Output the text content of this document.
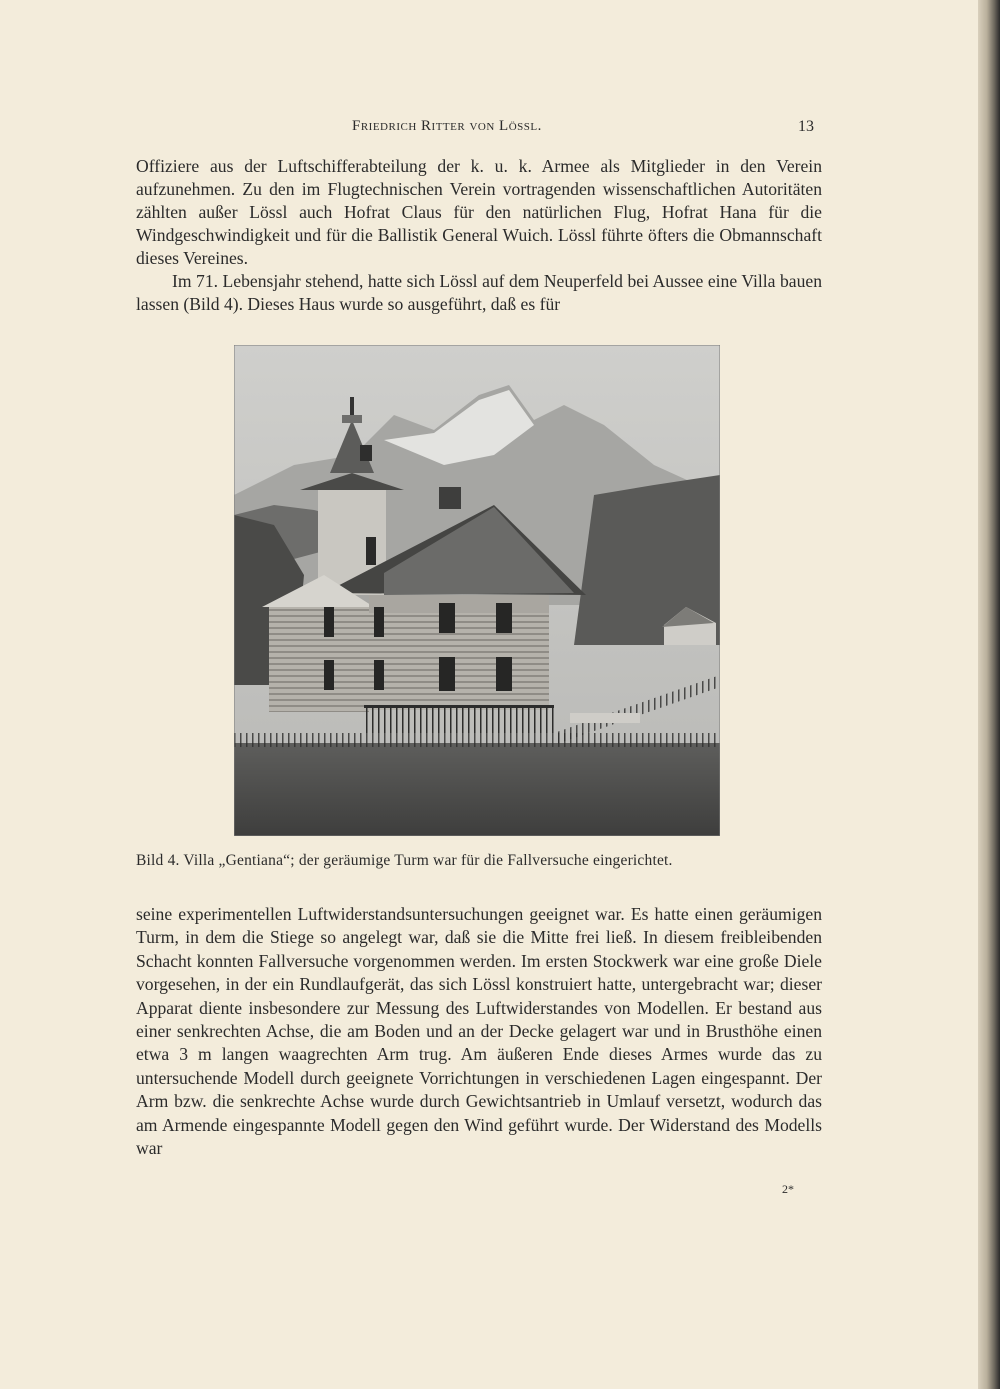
Friedrich Ritter von Lössl.	13

Offiziere aus der Luftschifferabteilung der k. u. k. Armee als Mitglieder in den Verein aufzunehmen. Zu den im Flugtechnischen Verein vortragenden wissenschaftlichen Autoritäten zählten außer Lössl auch Hofrat Claus für den natürlichen Flug, Hofrat Hana für die Windgeschwindigkeit und für die Ballistik General Wuich. Lössl führte öfters die Obmannschaft dieses Vereines.

Im 71. Lebensjahr stehend, hatte sich Lössl auf dem Neuperfeld bei Aussee eine Villa bauen lassen (Bild 4). Dieses Haus wurde so ausgeführt, daß es für

Bild 4. Villa „Gentiana“; der geräumige Turm war für die Fallversuche eingerichtet.

seine experimentellen Luftwiderstandsuntersuchungen geeignet war. Es hatte einen geräumigen Turm, in dem die Stiege so angelegt war, daß sie die Mitte frei ließ. In diesem freibleibenden Schacht konnten Fallversuche vorgenommen werden. Im ersten Stockwerk war eine große Diele vorgesehen, in der ein Rundlaufgerät, das sich Lössl konstruiert hatte, untergebracht war; dieser Apparat diente insbesondere zur Messung des Luftwiderstandes von Modellen. Er bestand aus einer senkrechten Achse, die am Boden und an der Decke gelagert war und in Brusthöhe einen etwa 3 m langen waagrechten Arm trug. Am äußeren Ende dieses Armes wurde das zu untersuchende Modell durch geeignete Vorrichtungen in verschiedenen Lagen eingespannt. Der Arm bzw. die senkrechte Achse wurde durch Gewichtsantrieb in Umlauf versetzt, wodurch das am Armende eingespannte Modell gegen den Wind geführt wurde. Der Widerstand des Modells war

2*
